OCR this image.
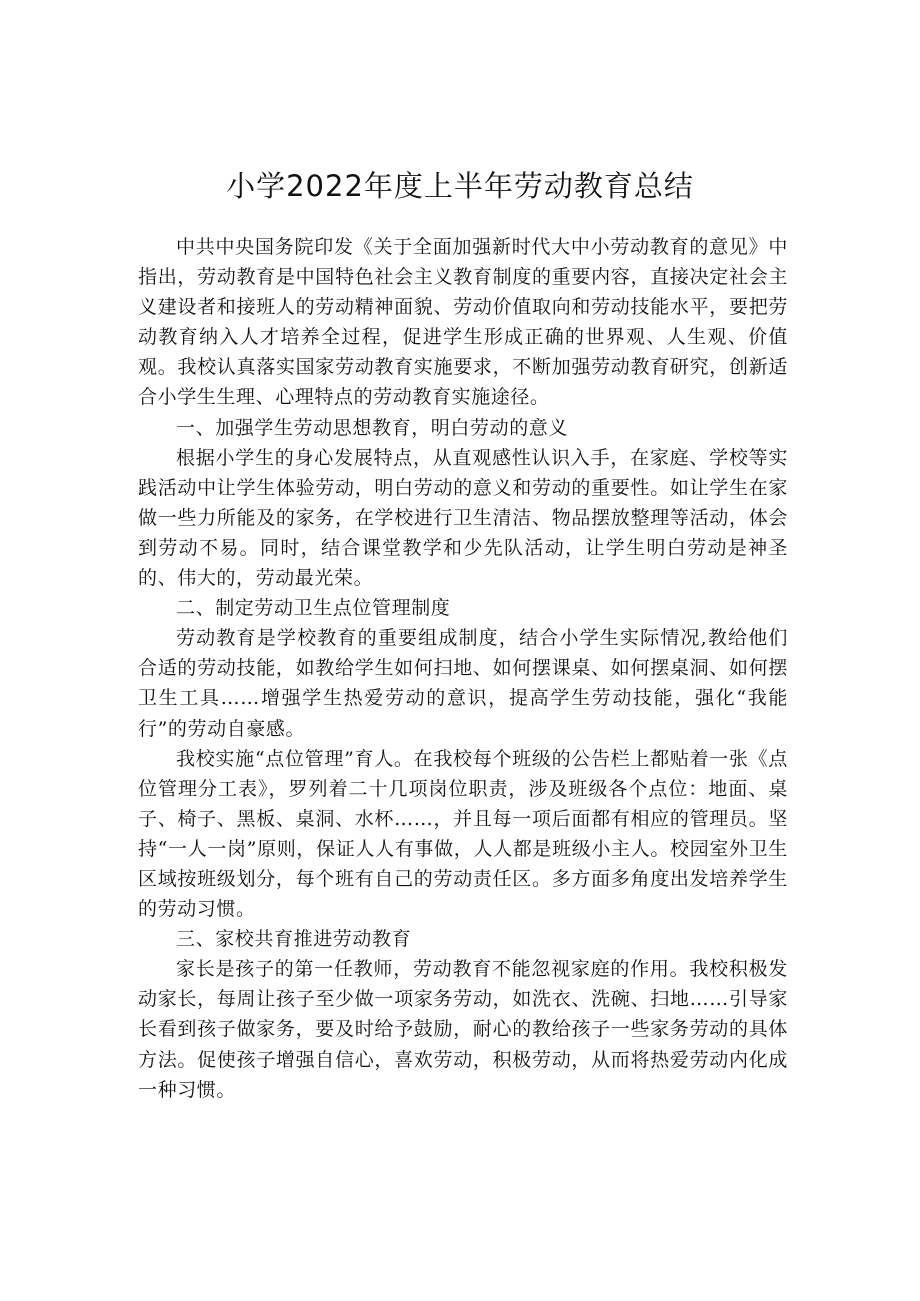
小学2022年度上半年劳动教育总结

中共中央国务院印发《关于全面加强新时代大中小劳动教育的意见》中指出，劳动教育是中国特色社会主义教育制度的重要内容，直接决定社会主义建设者和接班人的劳动精神面貌、劳动价值取向和劳动技能水平，要把劳动教育纳入人才培养全过程，促进学生形成正确的世界观、人生观、价值观。我校认真落实国家劳动教育实施要求，不断加强劳动教育研究，创新适合小学生生理、心理特点的劳动教育实施途径。

一、加强学生劳动思想教育，明白劳动的意义

根据小学生的身心发展特点，从直观感性认识入手，在家庭、学校等实践活动中让学生体验劳动，明白劳动的意义和劳动的重要性。如让学生在家做一些力所能及的家务，在学校进行卫生清洁、物品摆放整理等活动，体会到劳动不易。同时，结合课堂教学和少先队活动，让学生明白劳动是神圣的、伟大的，劳动最光荣。

二、制定劳动卫生点位管理制度

劳动教育是学校教育的重要组成制度，结合小学生实际情况,教给他们合适的劳动技能，如教给学生如何扫地、如何摆课桌、如何摆桌洞、如何摆卫生工具……增强学生热爱劳动的意识，提高学生劳动技能，强化“我能行”的劳动自豪感。

我校实施“点位管理”育人。在我校每个班级的公告栏上都贴着一张《点位管理分工表》，罗列着二十几项岗位职责，涉及班级各个点位：地面、桌子、椅子、黑板、桌洞、水杯……，并且每一项后面都有相应的管理员。坚持“一人一岗”原则，保证人人有事做，人人都是班级小主人。校园室外卫生区域按班级划分，每个班有自己的劳动责任区。多方面多角度出发培养学生的劳动习惯。

三、家校共育推进劳动教育

家长是孩子的第一任教师，劳动教育不能忽视家庭的作用。我校积极发动家长，每周让孩子至少做一项家务劳动，如洗衣、洗碗、扫地……引导家长看到孩子做家务，要及时给予鼓励，耐心的教给孩子一些家务劳动的具体方法。促使孩子增强自信心，喜欢劳动，积极劳动，从而将热爱劳动内化成一种习惯。
